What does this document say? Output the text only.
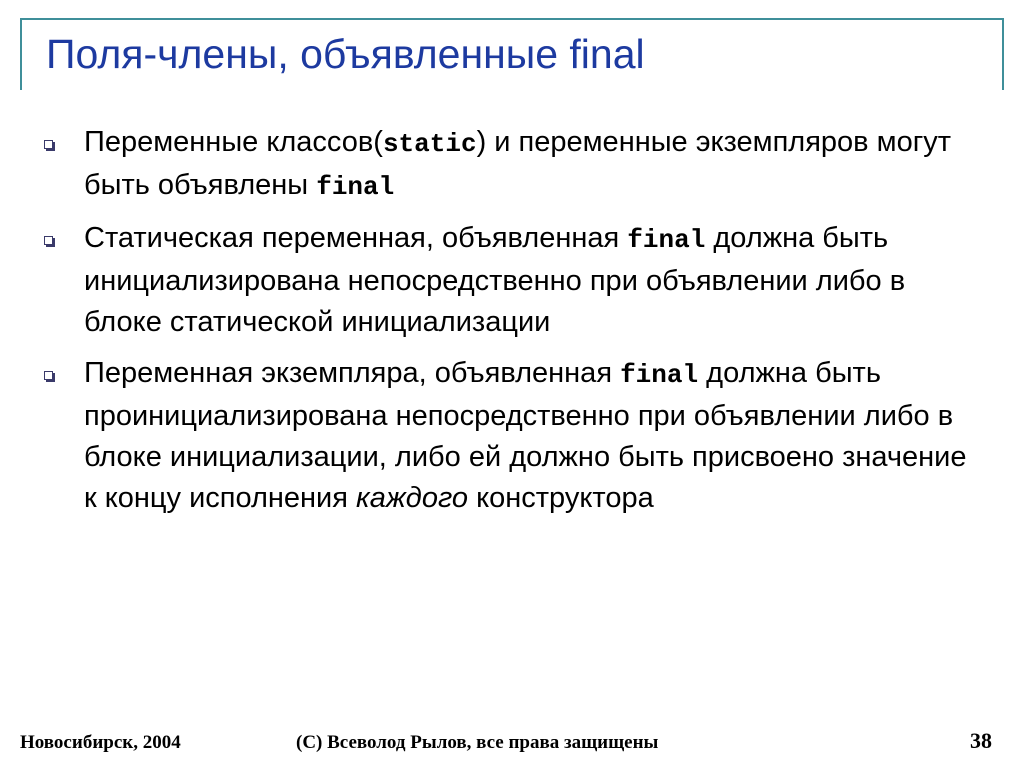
Поля-члены, объявленные final
Переменные классов(static) и переменные экземпляров могут быть объявлены final
Статическая переменная, объявленная final должна быть инициализирована непосредственно при объявлении либо в блоке статической инициализации
Переменная экземпляра, объявленная final должна быть проинициализирована непосредственно при объявлении либо в блоке инициализации, либо ей должно быть присвоено значение к концу исполнения каждого конструктора
Новосибирск, 2004	(С) Всеволод Рылов, все права защищены	38
